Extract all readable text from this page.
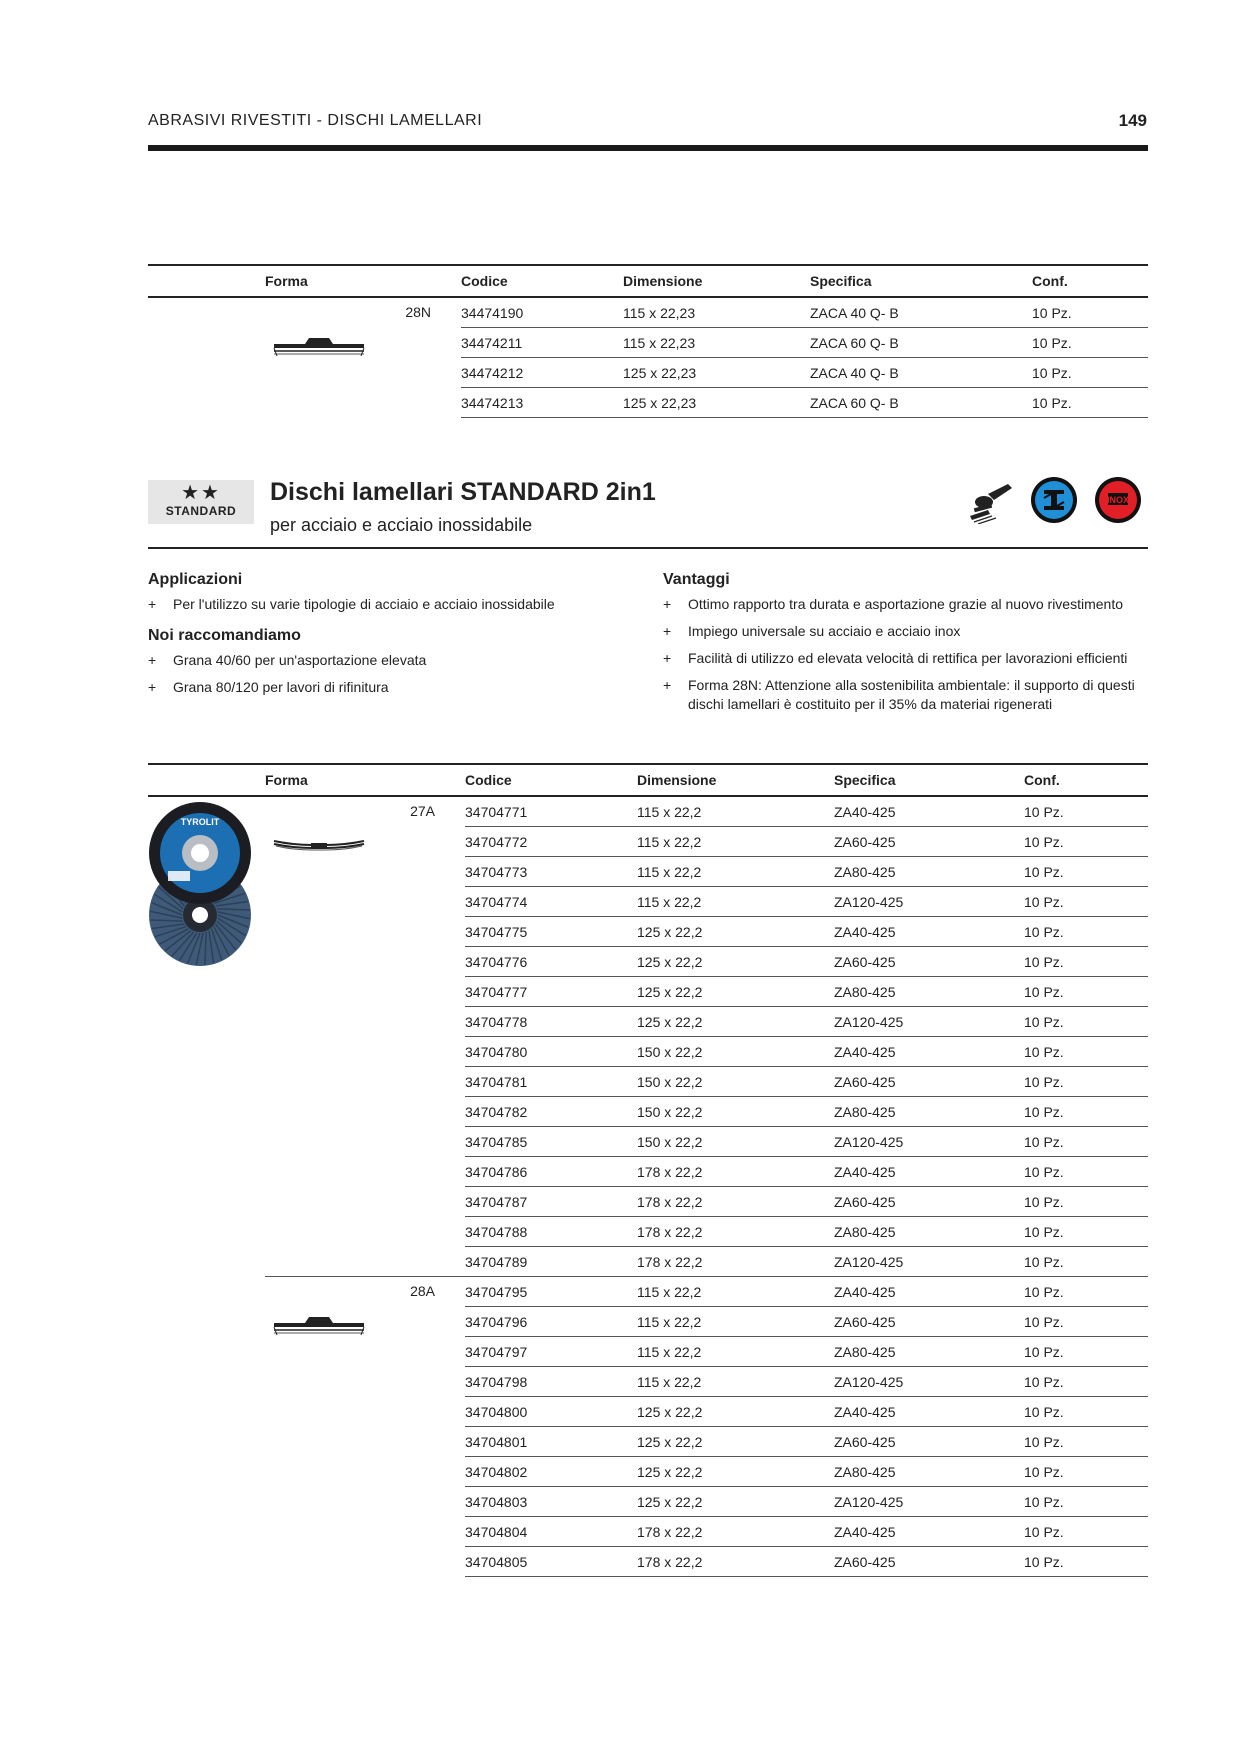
ABRASIVI RIVESTITI - DISCHI LAMELLARI	149
	Forma	Codice	Dimensione	Specifica	Conf.

	28N	34474190	115 x 22,23	ZACA 40 Q- B	10 Pz.
		34474211	115 x 22,23	ZACA 60 Q- B	10 Pz.
		34474212	125 x 22,23	ZACA 40 Q- B	10 Pz.
		34474213	125 x 22,23	ZACA 60 Q- B	10 Pz.
★★
STANDARD
Dischi lamellari STANDARD 2in1
per acciaio e acciaio inossidabile
INOX
Applicazioni
+ Per l'utilizzo su varie tipologie di acciaio e acciaio inossidabile
Noi raccomandiamo
+ Grana 40/60 per un'asportazione elevata
+ Grana 80/120 per lavori di rifinitura
Vantaggi
+ Ottimo rapporto tra durata e asportazione grazie al nuovo rivestimento
+ Impiego universale su acciaio e acciaio inox
+ Facilità di utilizzo ed elevata velocità di rettifica per lavorazioni efficienti
+ Forma 28N: Attenzione alla sostenibilita ambientale: il supporto di questi dischi lamellari è costituito per il 35% da materiai rigenerati
	Forma	Codice	Dimensione	Specifica	Conf.

TYROLIT	27A	34704771	115 x 22,2	ZA40-425	10 Pz.
		34704772	115 x 22,2	ZA60-425	10 Pz.
		34704773	115 x 22,2	ZA80-425	10 Pz.
		34704774	115 x 22,2	ZA120-425	10 Pz.
		34704775	125 x 22,2	ZA40-425	10 Pz.
		34704776	125 x 22,2	ZA60-425	10 Pz.
		34704777	125 x 22,2	ZA80-425	10 Pz.
		34704778	125 x 22,2	ZA120-425	10 Pz.
		34704780	150 x 22,2	ZA40-425	10 Pz.
		34704781	150 x 22,2	ZA60-425	10 Pz.
		34704782	150 x 22,2	ZA80-425	10 Pz.
		34704785	150 x 22,2	ZA120-425	10 Pz.
		34704786	178 x 22,2	ZA40-425	10 Pz.
		34704787	178 x 22,2	ZA60-425	10 Pz.
		34704788	178 x 22,2	ZA80-425	10 Pz.
		34704789	178 x 22,2	ZA120-425	10 Pz.

	28A	34704795	115 x 22,2	ZA40-425	10 Pz.
		34704796	115 x 22,2	ZA60-425	10 Pz.
		34704797	115 x 22,2	ZA80-425	10 Pz.
		34704798	115 x 22,2	ZA120-425	10 Pz.
		34704800	125 x 22,2	ZA40-425	10 Pz.
		34704801	125 x 22,2	ZA60-425	10 Pz.
		34704802	125 x 22,2	ZA80-425	10 Pz.
		34704803	125 x 22,2	ZA120-425	10 Pz.
		34704804	178 x 22,2	ZA40-425	10 Pz.
		34704805	178 x 22,2	ZA60-425	10 Pz.
